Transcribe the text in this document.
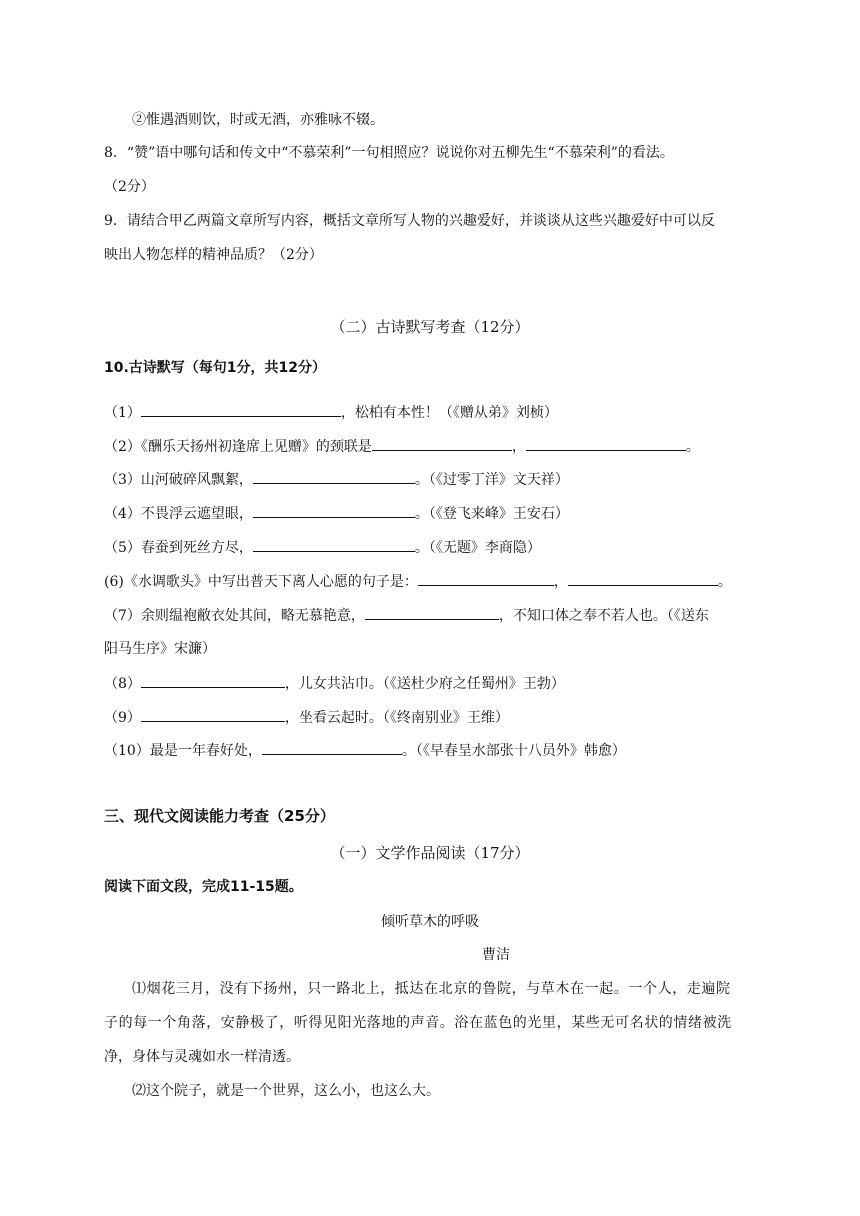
②惟遇酒则饮，时或无酒，亦雅咏不辍。
8．“赞”语中哪句话和传文中“不慕荣利”一句相照应？说说你对五柳先生“不慕荣利”的看法。
（2分）
9．请结合甲乙两篇文章所写内容，概括文章所写人物的兴趣爱好，并谈谈从这些兴趣爱好中可以反
映出人物怎样的精神品质？（2分）
（二）古诗默写考查（12分）
10.古诗默写（每句1分，共12分）
（1）	，松柏有本性！（《赠从弟》刘桢）
（2）《酬乐天扬州初逢席上见赠》的颈联是	，	。
（3）山河破碎风飘絮，	。（《过零丁洋》文天祥）
（4）不畏浮云遮望眼，	。（《登飞来峰》王安石）
（5）春蚕到死丝方尽，	。（《无题》李商隐）
(6)《水调歌头》中写出普天下离人心愿的句子是：	，	。
（7）余则缊袍敝衣处其间，略无慕艳意，	，不知口体之奉不若人也。（《送东
阳马生序》宋濂）
（8）	，儿女共沾巾。（《送杜少府之任蜀州》王勃）
（9）	，坐看云起时。（《终南别业》王维）
（10）最是一年春好处，	。（《早春呈水部张十八员外》韩愈）
三、现代文阅读能力考查（25分）
（一）文学作品阅读（17分）
阅读下面文段，完成11-15题。
倾听草木的呼吸
曹洁
⑴烟花三月，没有下扬州，只一路北上，抵达在北京的鲁院，与草木在一起。一个人，走遍院
子的每一个角落，安静极了，听得见阳光落地的声音。浴在蓝色的光里，某些无可名状的情绪被洗
净，身体与灵魂如水一样清透。
⑵这个院子，就是一个世界，这么小，也这么大。
